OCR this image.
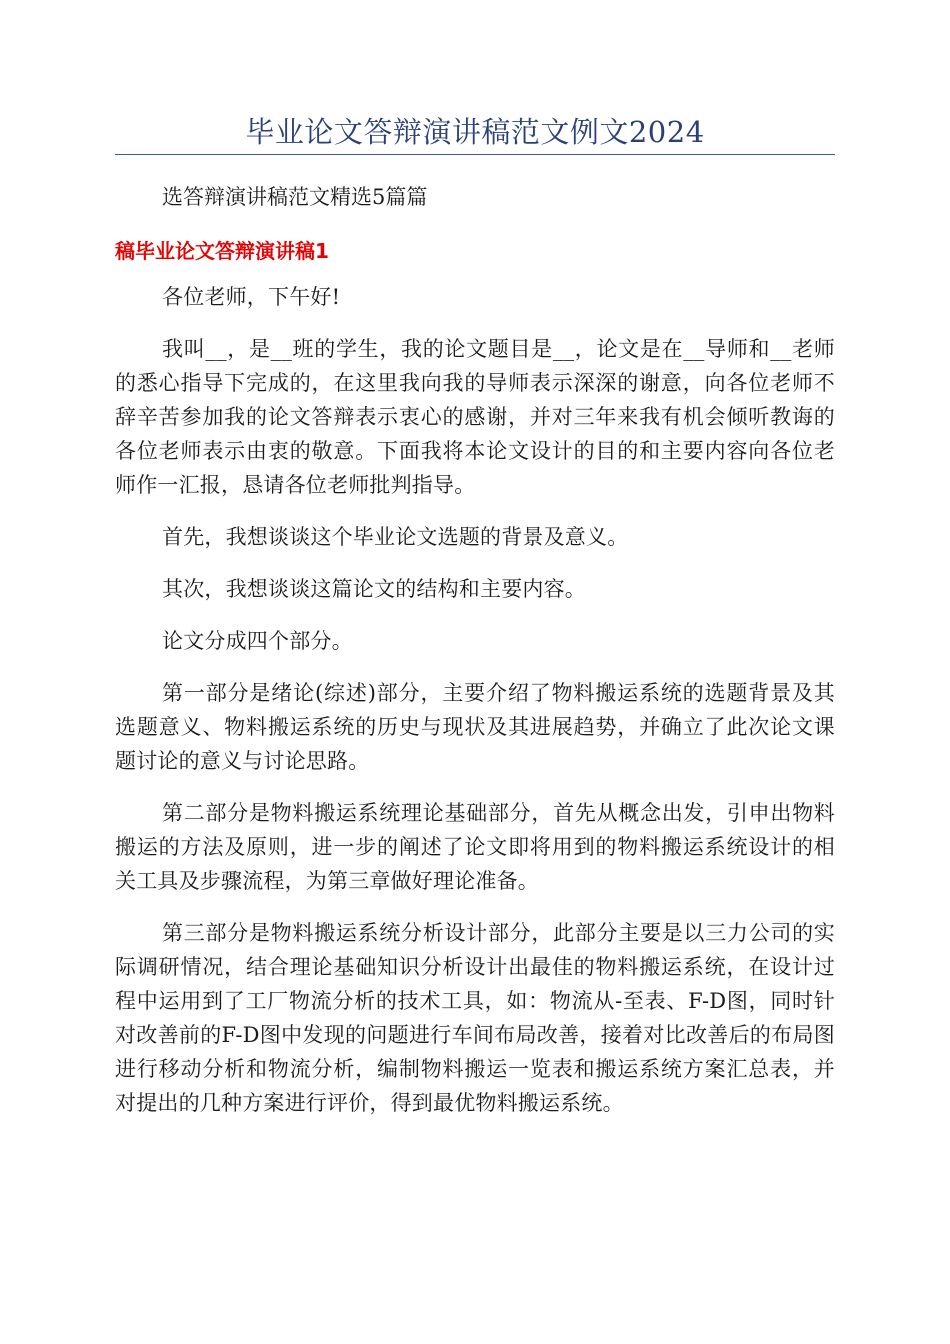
毕业论文答辩演讲稿范文例文2024

选答辩演讲稿范文精选5篇篇

稿毕业论文答辩演讲稿1

各位老师，下午好!

我叫__，是__班的学生，我的论文题目是__，论文是在__导师和__老师的悉心指导下完成的，在这里我向我的导师表示深深的谢意，向各位老师不辞辛苦参加我的论文答辩表示衷心的感谢，并对三年来我有机会倾听教诲的各位老师表示由衷的敬意。下面我将本论文设计的目的和主要内容向各位老师作一汇报，恳请各位老师批判指导。

首先，我想谈谈这个毕业论文选题的背景及意义。

其次，我想谈谈这篇论文的结构和主要内容。

论文分成四个部分。

第一部分是绪论(综述)部分，主要介绍了物料搬运系统的选题背景及其选题意义、物料搬运系统的历史与现状及其进展趋势，并确立了此次论文课题讨论的意义与讨论思路。

第二部分是物料搬运系统理论基础部分，首先从概念出发，引申出物料搬运的方法及原则，进一步的阐述了论文即将用到的物料搬运系统设计的相关工具及步骤流程，为第三章做好理论准备。

第三部分是物料搬运系统分析设计部分，此部分主要是以三力公司的实际调研情况，结合理论基础知识分析设计出最佳的物料搬运系统，在设计过程中运用到了工厂物流分析的技术工具，如：物流从-至表、F-D图，同时针对改善前的F-D图中发现的问题进行车间布局改善，接着对比改善后的布局图进行移动分析和物流分析，编制物料搬运一览表和搬运系统方案汇总表，并对提出的几种方案进行评价，得到最优物料搬运系统。
